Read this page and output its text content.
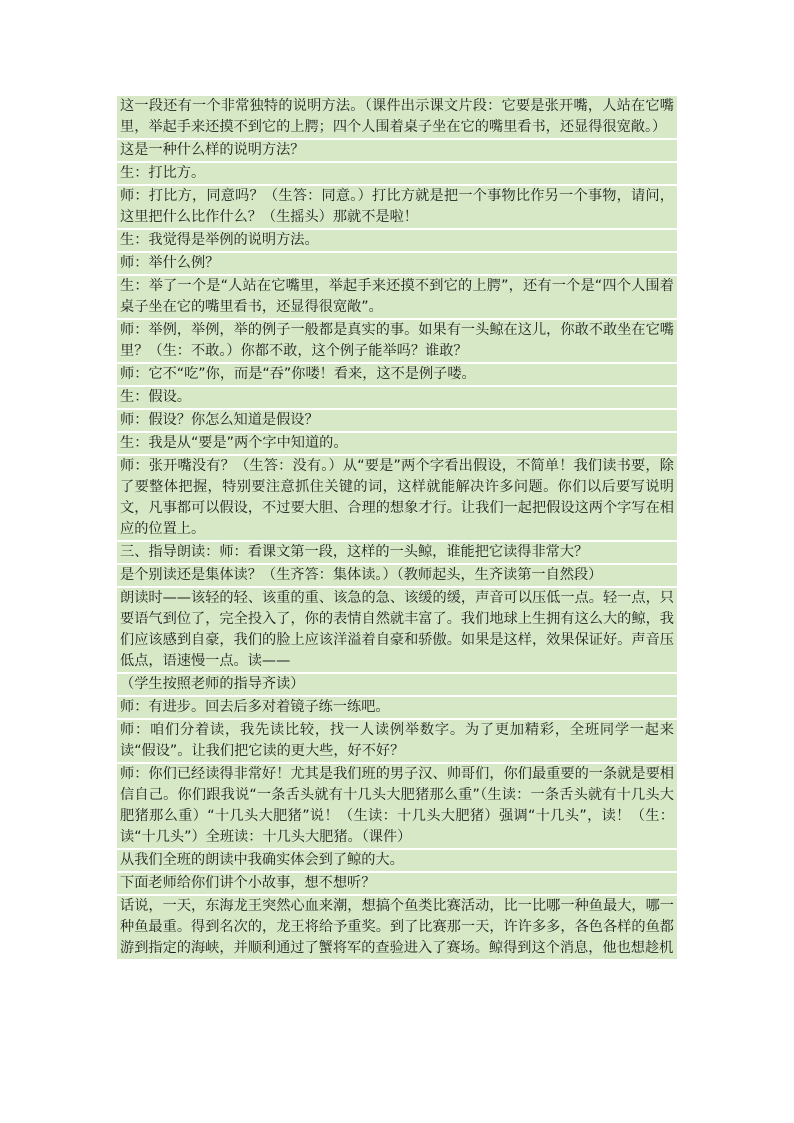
这一段还有一个非常独特的说明方法。（课件出示课文片段：它要是张开嘴，人站在它嘴里，举起手来还摸不到它的上腭；四个人围着桌子坐在它的嘴里看书，还显得很宽敞。）

这是一种什么样的说明方法？

生：打比方。

师：打比方，同意吗？（生答：同意。）打比方就是把一个事物比作另一个事物，请问，这里把什么比作什么？（生摇头）那就不是啦！

生：我觉得是举例的说明方法。

师：举什么例？

生：举了一个是“人站在它嘴里，举起手来还摸不到它的上腭”，还有一个是“四个人围着桌子坐在它的嘴里看书，还显得很宽敞”。

师：举例，举例，举的例子一般都是真实的事。如果有一头鲸在这儿，你敢不敢坐在它嘴里？（生：不敢。）你都不敢，这个例子能举吗？谁敢？

师：它不“吃”你，而是“吞”你喽！看来，这不是例子喽。

生：假设。

师：假设？你怎么知道是假设？

生：我是从“要是”两个字中知道的。

师：张开嘴没有？（生答：没有。）从“要是”两个字看出假设，不简单！我们读书要，除了要整体把握，特别要注意抓住关键的词，这样就能解决许多问题。你们以后要写说明文，凡事都可以假设，不过要大胆、合理的想象才行。让我们一起把假设这两个字写在相应的位置上。

三、指导朗读：师：看课文第一段，这样的一头鲸，谁能把它读得非常大？

是个别读还是集体读？（生齐答：集体读。）（教师起头，生齐读第一自然段）

朗读时——该轻的轻、该重的重、该急的急、该缓的缓，声音可以压低一点。轻一点，只要语气到位了，完全投入了，你的表情自然就丰富了。我们地球上生拥有这么大的鲸，我们应该感到自豪，我们的脸上应该洋溢着自豪和骄傲。如果是这样，效果保证好。声音压低点，语速慢一点。读——

（学生按照老师的指导齐读）

师：有进步。回去后多对着镜子练一练吧。

师：咱们分着读，我先读比较，找一人读例举数字。为了更加精彩，全班同学一起来读“假设”。让我们把它读的更大些，好不好？

师：你们已经读得非常好！尤其是我们班的男子汉、帅哥们，你们最重要的一条就是要相信自己。你们跟我说“一条舌头就有十几头大肥猪那么重”（生读：一条舌头就有十几头大肥猪那么重）“十几头大肥猪”说！（生读：十几头大肥猪）强调“十几头”，读！（生：读“十几头”）全班读：十几头大肥猪。（课件）

从我们全班的朗读中我确实体会到了鲸的大。

下面老师给你们讲个小故事，想不想听？

话说，一天，东海龙王突然心血来潮，想搞个鱼类比赛活动，比一比哪一种鱼最大，哪一种鱼最重。得到名次的，龙王将给予重奖。到了比赛那一天，许许多多，各色各样的鱼都游到指定的海峡，并顺利通过了蟹将军的查验进入了赛场。鲸得到这个消息，他也想趁机
